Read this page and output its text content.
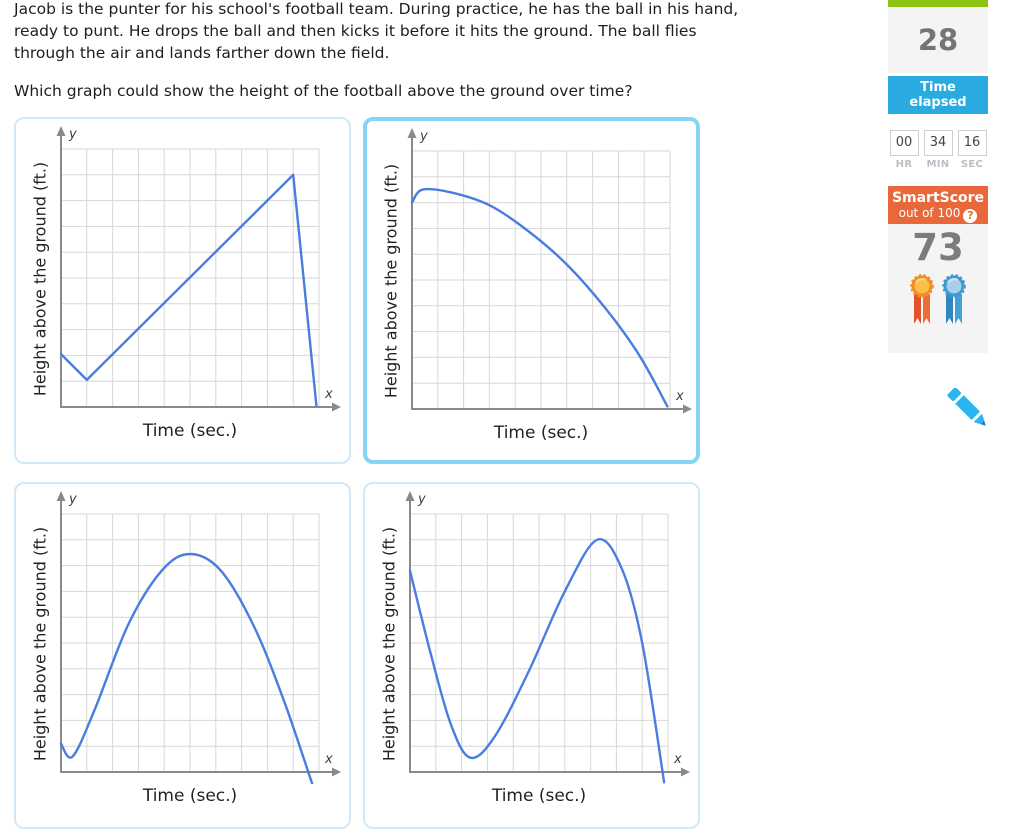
Jacob is the punter for his school's football team. During practice, he has the ball in his hand,
ready to punt. He drops the ball and then kicks it before it hits the ground. The ball flies
through the air and lands farther down the field.
Which graph could show the height of the football above the ground over time?
y
x
Height above the ground (ft.)
Time (sec.)
y
x
Height above the ground (ft.)
Time (sec.)
y
x
Height above the ground (ft.)
Time (sec.)
y
x
Height above the ground (ft.)
Time (sec.)
28
Time elapsed
00	34	16
HR	MIN	SEC
SmartScore
out of 100 ?
73
